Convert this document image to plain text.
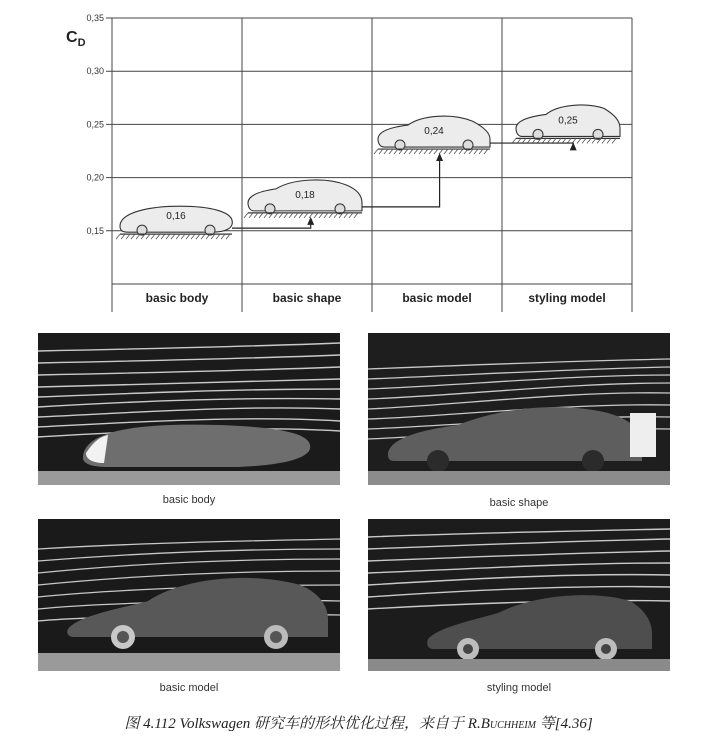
0,15
0,20
0,25
0,30
0,35
basic body	basic shape	basic model	styling model
0,16
0,18
0,24
0,25
$C_D$
basic body	basic shape
basic model	styling model
图 4.112 Volkswagen 研究车的形状优化过程，来自于 R.BUCHHEIM 等[4.36]
